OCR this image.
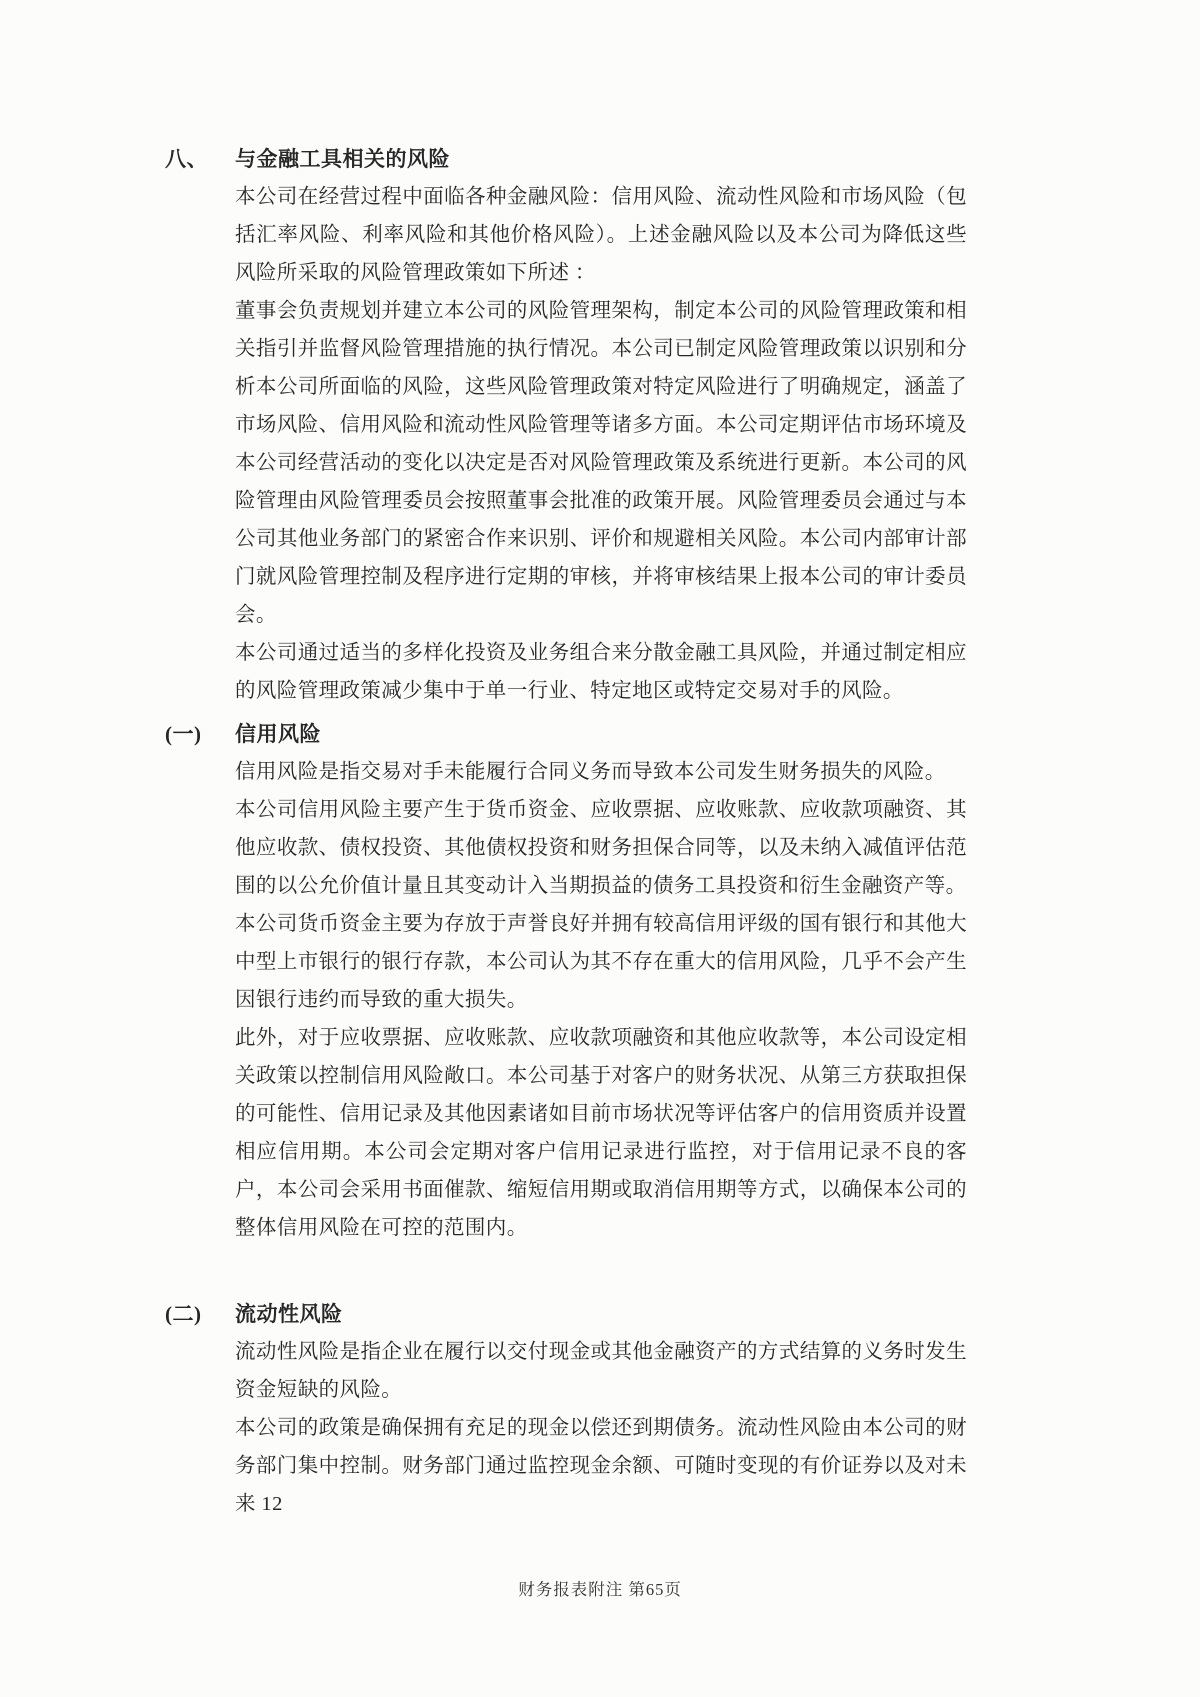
八、	与金融工具相关的风险

本公司在经营过程中面临各种金融风险：信用风险、流动性风险和市场风险（包括汇率风险、利率风险和其他价格风险）。上述金融风险以及本公司为降低这些风险所采取的风险管理政策如下所述 ：

董事会负责规划并建立本公司的风险管理架构，制定本公司的风险管理政策和相关指引并监督风险管理措施的执行情况。本公司已制定风险管理政策以识别和分析本公司所面临的风险，这些风险管理政策对特定风险进行了明确规定，涵盖了市场风险、信用风险和流动性风险管理等诸多方面。本公司定期评估市场环境及本公司经营活动的变化以决定是否对风险管理政策及系统进行更新。本公司的风险管理由风险管理委员会按照董事会批准的政策开展。风险管理委员会通过与本公司其他业务部门的紧密合作来识别、评价和规避相关风险。本公司内部审计部门就风险管理控制及程序进行定期的审核，并将审核结果上报本公司的审计委员会。

本公司通过适当的多样化投资及业务组合来分散金融工具风险，并通过制定相应的风险管理政策减少集中于单一行业、特定地区或特定交易对手的风险。

(一)	信用风险

信用风险是指交易对手未能履行合同义务而导致本公司发生财务损失的风险。

本公司信用风险主要产生于货币资金、应收票据、应收账款、应收款项融资、其他应收款、债权投资、其他债权投资和财务担保合同等，以及未纳入减值评估范围的以公允价值计量且其变动计入当期损益的债务工具投资和衍生金融资产等。

本公司货币资金主要为存放于声誉良好并拥有较高信用评级的国有银行和其他大中型上市银行的银行存款，本公司认为其不存在重大的信用风险，几乎不会产生因银行违约而导致的重大损失。

此外，对于应收票据、应收账款、应收款项融资和其他应收款等，本公司设定相关政策以控制信用风险敞口。本公司基于对客户的财务状况、从第三方获取担保的可能性、信用记录及其他因素诸如目前市场状况等评估客户的信用资质并设置相应信用期。本公司会定期对客户信用记录进行监控，对于信用记录不良的客户，本公司会采用书面催款、缩短信用期或取消信用期等方式，以确保本公司的整体信用风险在可控的范围内。

(二)	流动性风险

流动性风险是指企业在履行以交付现金或其他金融资产的方式结算的义务时发生资金短缺的风险。

本公司的政策是确保拥有充足的现金以偿还到期债务。流动性风险由本公司的财务部门集中控制。财务部门通过监控现金余额、可随时变现的有价证券以及对未来 12

财务报表附注 第65页
